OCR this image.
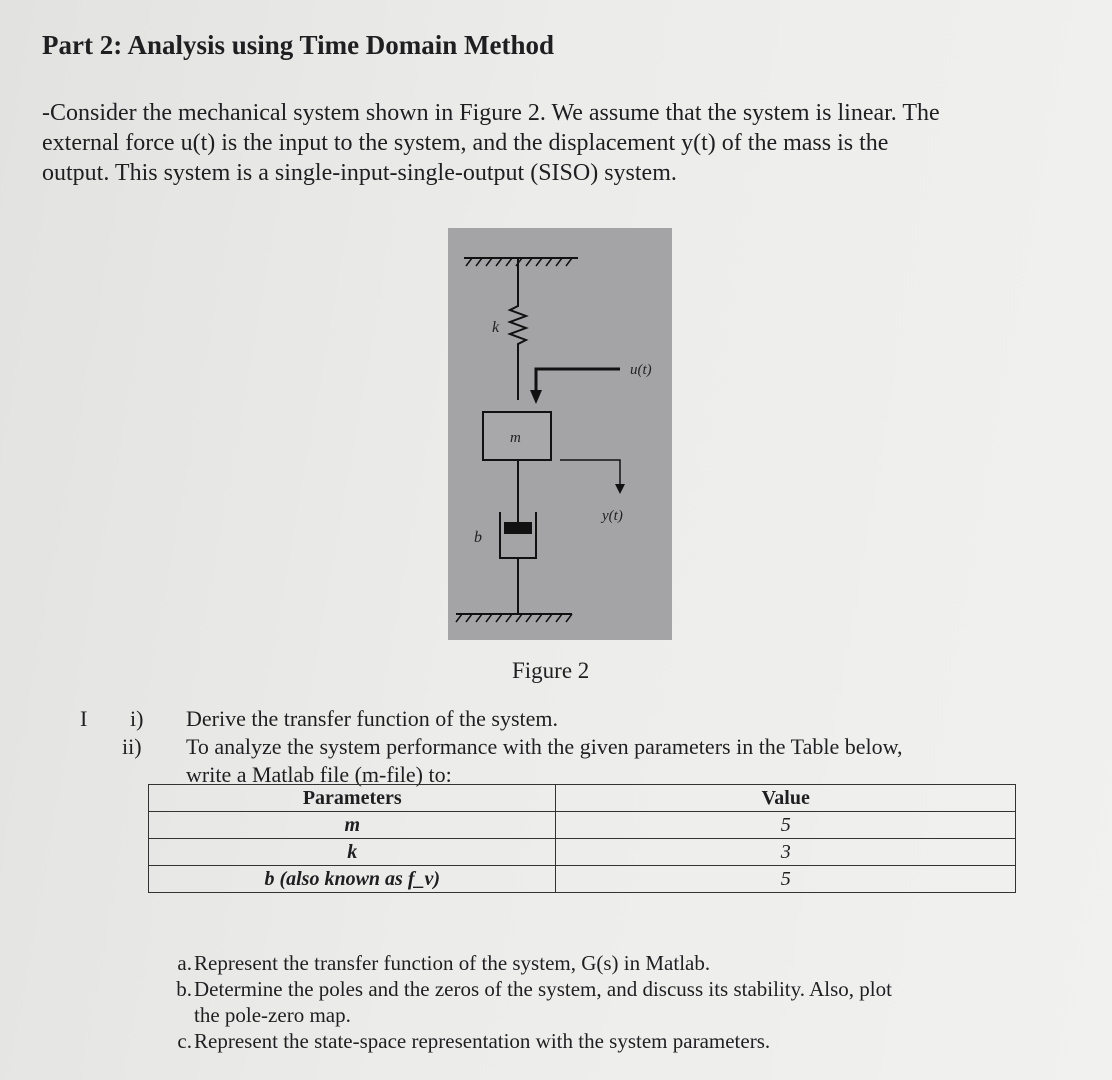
Part 2: Analysis using Time Domain Method
-Consider the mechanical system shown in Figure 2. We assume that the system is linear. The
external force u(t) is the input to the system, and the displacement y(t) of the mass is the
output. This system is a single-input-single-output (SISO) system.
k
u(t)
m
y(t)
b
Figure 2
I i) Derive the transfer function of the system.
ii) To analyze the system performance with the given parameters in the Table below,
write a Matlab file (m-file) to:
Parameters	Value
m	5
k	3
b (also known as f_v)	5
a. Represent the transfer function of the system, G(s) in Matlab.
b. Determine the poles and the zeros of the system, and discuss its stability. Also, plot
the pole-zero map.
c. Represent the state-space representation with the system parameters.
